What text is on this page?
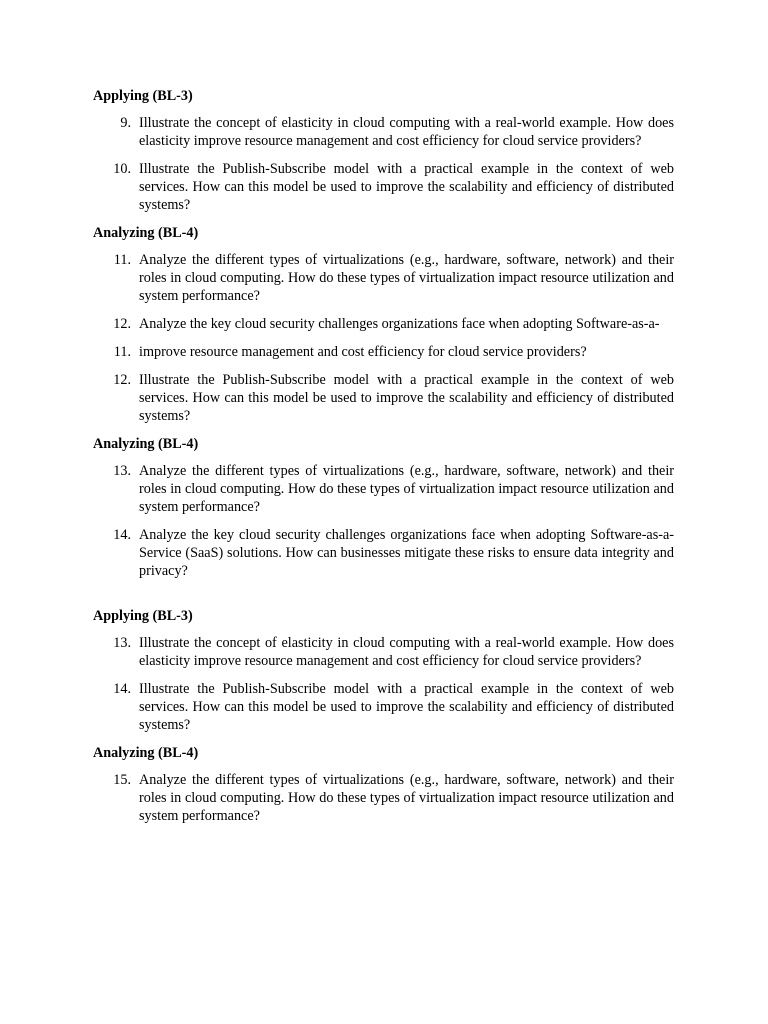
Applying (BL-3)

9. Illustrate the concept of elasticity in cloud computing with a real-world example. How does elasticity improve resource management and cost efficiency for cloud service providers?
10. Illustrate the Publish-Subscribe model with a practical example in the context of web services. How can this model be used to improve the scalability and efficiency of distributed systems?

Analyzing (BL-4)

11. Analyze the different types of virtualizations (e.g., hardware, software, network) and their roles in cloud computing. How do these types of virtualization impact resource utilization and system performance?
12. Analyze the key cloud security challenges organizations face when adopting Software-as-a-
11. improve resource management and cost efficiency for cloud service providers?
12. Illustrate the Publish-Subscribe model with a practical example in the context of web services. How can this model be used to improve the scalability and efficiency of distributed systems?

Analyzing (BL-4)

13. Analyze the different types of virtualizations (e.g., hardware, software, network) and their roles in cloud computing. How do these types of virtualization impact resource utilization and system performance?
14. Analyze the key cloud security challenges organizations face when adopting Software-as-a-Service (SaaS) solutions. How can businesses mitigate these risks to ensure data integrity and privacy?

Applying (BL-3)

13. Illustrate the concept of elasticity in cloud computing with a real-world example. How does elasticity improve resource management and cost efficiency for cloud service providers?
14. Illustrate the Publish-Subscribe model with a practical example in the context of web services. How can this model be used to improve the scalability and efficiency of distributed systems?

Analyzing (BL-4)

15. Analyze the different types of virtualizations (e.g., hardware, software, network) and their roles in cloud computing. How do these types of virtualization impact resource utilization and system performance?
